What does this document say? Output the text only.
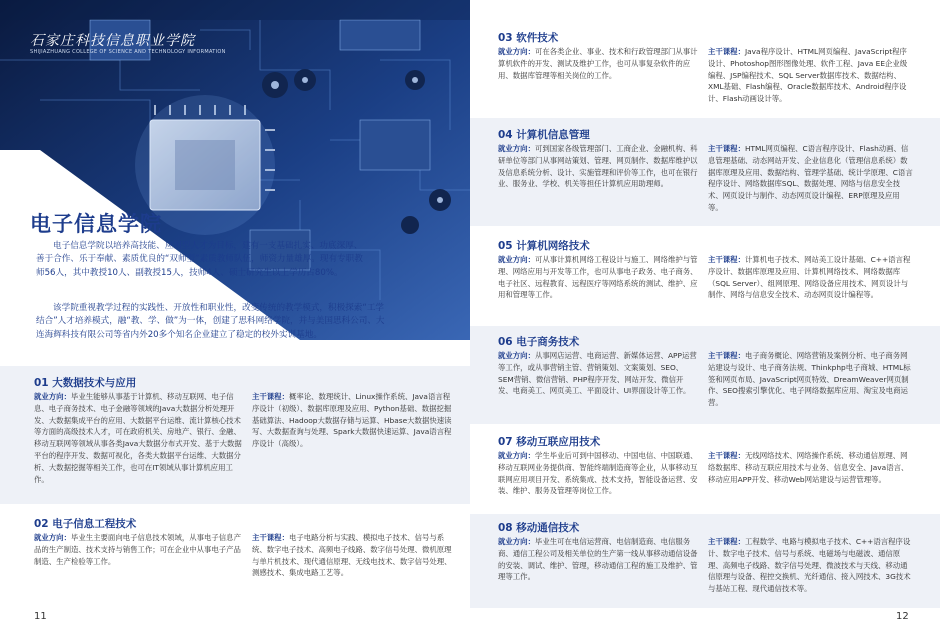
石家庄科技信息职业学院
SHIJIAZHUANG COLLEGE OF SCIENCE AND TECHNOLOGY INFORMATION
电子信息学院

电子信息学院以培养高技能、应用型人才为目标，建有一支基础扎实、功底深厚、善于合作、乐于奉献、素质优良的“双师型”素质教师队伍，师资力量雄厚。现有专职教师56人，其中教授10人、副教授15人，技师4人、硕士研究生以上学历占80%。

该学院重视教学过程的实践性、开放性和职业性，改变传统的教学模式，积极探索“工学结合”人才培养模式，融“教、学、做”为一体，创建了思科网络学院，并与美国思科公司、大连海辉科技有限公司等省内外20多个知名企业建立了稳定的校外实训基地。

01 大数据技术与应用
就业方向：毕业生能够从事基于计算机、移动互联网、电子信息、电子商务技术、电子金融等领域的Java大数据分析处理开发、大数据集成平台的应用、大数据平台运维、流计算核心技术等方面的高级技术人才，可在政府机关、房地产、银行、金融、移动互联网等领域从事各类Java大数据分布式开发、基于大数据平台的程序开发、数据可视化，各类大数据平台运维、大数据分析、大数据挖掘等相关工作，也可在IT领域从事计算机应用工作。
主干课程：概率论、数理统计、Linux操作系统、Java语言程序设计（初级）、数据库原理及应用、Python基础、数据挖掘基础算法、Hadoop大数据存储与运算、Hbase大数据快速读写、大数据查询与处理、Spark大数据快速运算、Java语言程序设计（高级）。
02 电子信息工程技术
就业方向：毕业生主要面向电子信息技术领域，从事电子信息产品的生产制造、技术支持与销售工作；可在企业中从事电子产品制造、生产检验等工作。
主干课程：电子电路分析与实践、模拟电子技术、信号与系统、数字电子技术、高频电子线路、数字信号处理、微机原理与单片机技术、现代通信原理、无线电技术、数字信号处理、测感技术、集成电路工艺等。
11
03 软件技术
就业方向：可在各类企业、事业、技术和行政管理部门从事计算机软件的开发、测试及维护工作，也可从事复杂软件的应用、数据库管理等相关岗位的工作。
主干课程：Java程序设计、HTML网页编程、JavaScript程序设计、Photoshop图形图像处理、软件工程、Java EE企业级编程、JSP编程技术、SQL Server数据库技术、数据结构、XML基础、Flash编程、Oracle数据库技术、Android程序设计、Flash动画设计等。
04 计算机信息管理
就业方向：可到国家各级管理部门、工商企业、金融机构、科研单位等部门从事网站策划、管理、网页制作、数据库维护以及信息系统分析、设计、实施管理和评价等工作，也可在银行业、服务业、学校、机关等担任计算机应用助理师。
主干课程：HTML网页编程、C语言程序设计、Flash动画、信息管理基础、动态网站开发、企业信息化（管理信息系统）数据库原理及应用、数据结构、管理学基础、统计学原理、C语言程序设计、网络数据库SQL、数据处理、网络与信息安全技术、网页设计与制作、动态网页设计编程、ERP原理及应用等。
05 计算机网络技术
就业方向：可从事计算机网络工程设计与施工、网络维护与管理、网络应用与开发等工作，也可从事电子政务、电子商务、电子社区、远程教育、远程医疗等网络系统的测试、维护、应用和管理等工作。
主干课程：计算机电子技术、网站美工设计基础、C++语言程序设计、数据库原理及应用、计算机网络技术、网络数据库（SQL Server）、组网原理、网络设备应用技术、网页设计与制作、网络与信息安全技术、动态网页设计编程等。
06 电子商务技术
就业方向：从事网店运营、电商运营、新媒体运营、APP运营等工作，或从事营销主管、营销策划、文案策划、SEO、SEM营销、微信营销、PHP程序开发、网站开发、微信开发、电商美工、网页美工、平面设计、UI界面设计等工作。
主干课程：电子商务概论、网络营销及案例分析、电子商务网站建设与设计、电子商务法规、Thinkphp电子商城、HTML标签和网页布局、JavaScript网页特效、DreamWeaver网页制作、SEO搜索引擎优化、电子网络数据库应用、淘宝及电商运营。
07 移动互联应用技术
就业方向：学生毕业后可到中国移动、中国电信、中国联通、移动互联网业务提供商、智能终端制造商等企业，从事移动互联网应用项目开发、系统集成、技术支持，智能设备运营、安装、维护、服务及管理等岗位工作。
主干课程：无线网络技术、网络操作系统、移动通信原理、网络数据库、移动互联应用技术与业务、信息安全、Java语言、移动应用APP开发、移动Web网站建设与运营管理等。
08 移动通信技术
就业方向：毕业生可在电信运营商、电信制造商、电信服务商、通信工程公司及相关单位的生产第一线从事移动通信设备的安装、调试、维护、管理，移动通信工程的施工及维护、管理等工作。
主干课程：工程数学、电路与模拟电子技术、C++语言程序设计、数字电子技术、信号与系统、电磁场与电磁波、通信原理、高频电子线路、数字信号处理、微波技术与天线、移动通信原理与设备、程控交换机、光纤通信、接入网技术、3G技术与基站工程、现代通信技术等。
12
